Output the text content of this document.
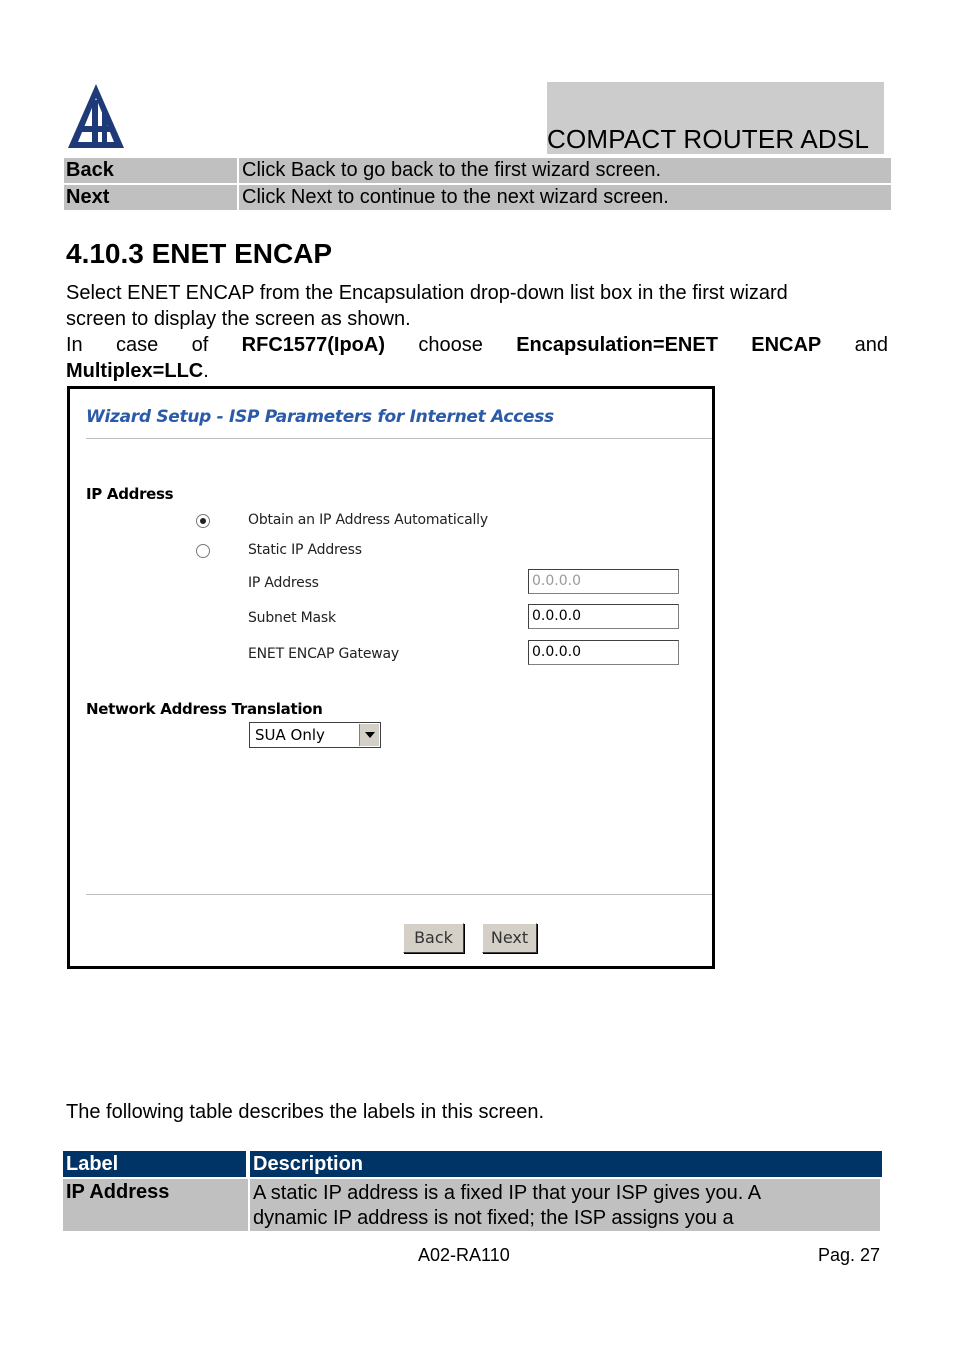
COMPACT ROUTER ADSL
Back	Click Back to go back to the first wizard screen.
Next	Click Next to continue to the next wizard screen.
4.10.3 ENET ENCAP
Select ENET ENCAP from the Encapsulation drop-down list box in the first wizard
screen to display the screen as shown.
In case of RFC1577(IpoA) choose Encapsulation=ENET ENCAP and
Multiplex=LLC.
Wizard Setup - ISP Parameters for Internet Access
IP Address
Obtain an IP Address Automatically
Static IP Address
IP Address	0.0.0.0
Subnet Mask	0.0.0.0
ENET ENCAP Gateway	0.0.0.0
Network Address Translation
SUA Only
Back	Next
The following table describes the labels in this screen.
Label	Description
IP Address	A static IP address is a fixed IP that your ISP gives you. A
dynamic IP address is not fixed; the ISP assigns you a
A02-RA110	Pag. 27
